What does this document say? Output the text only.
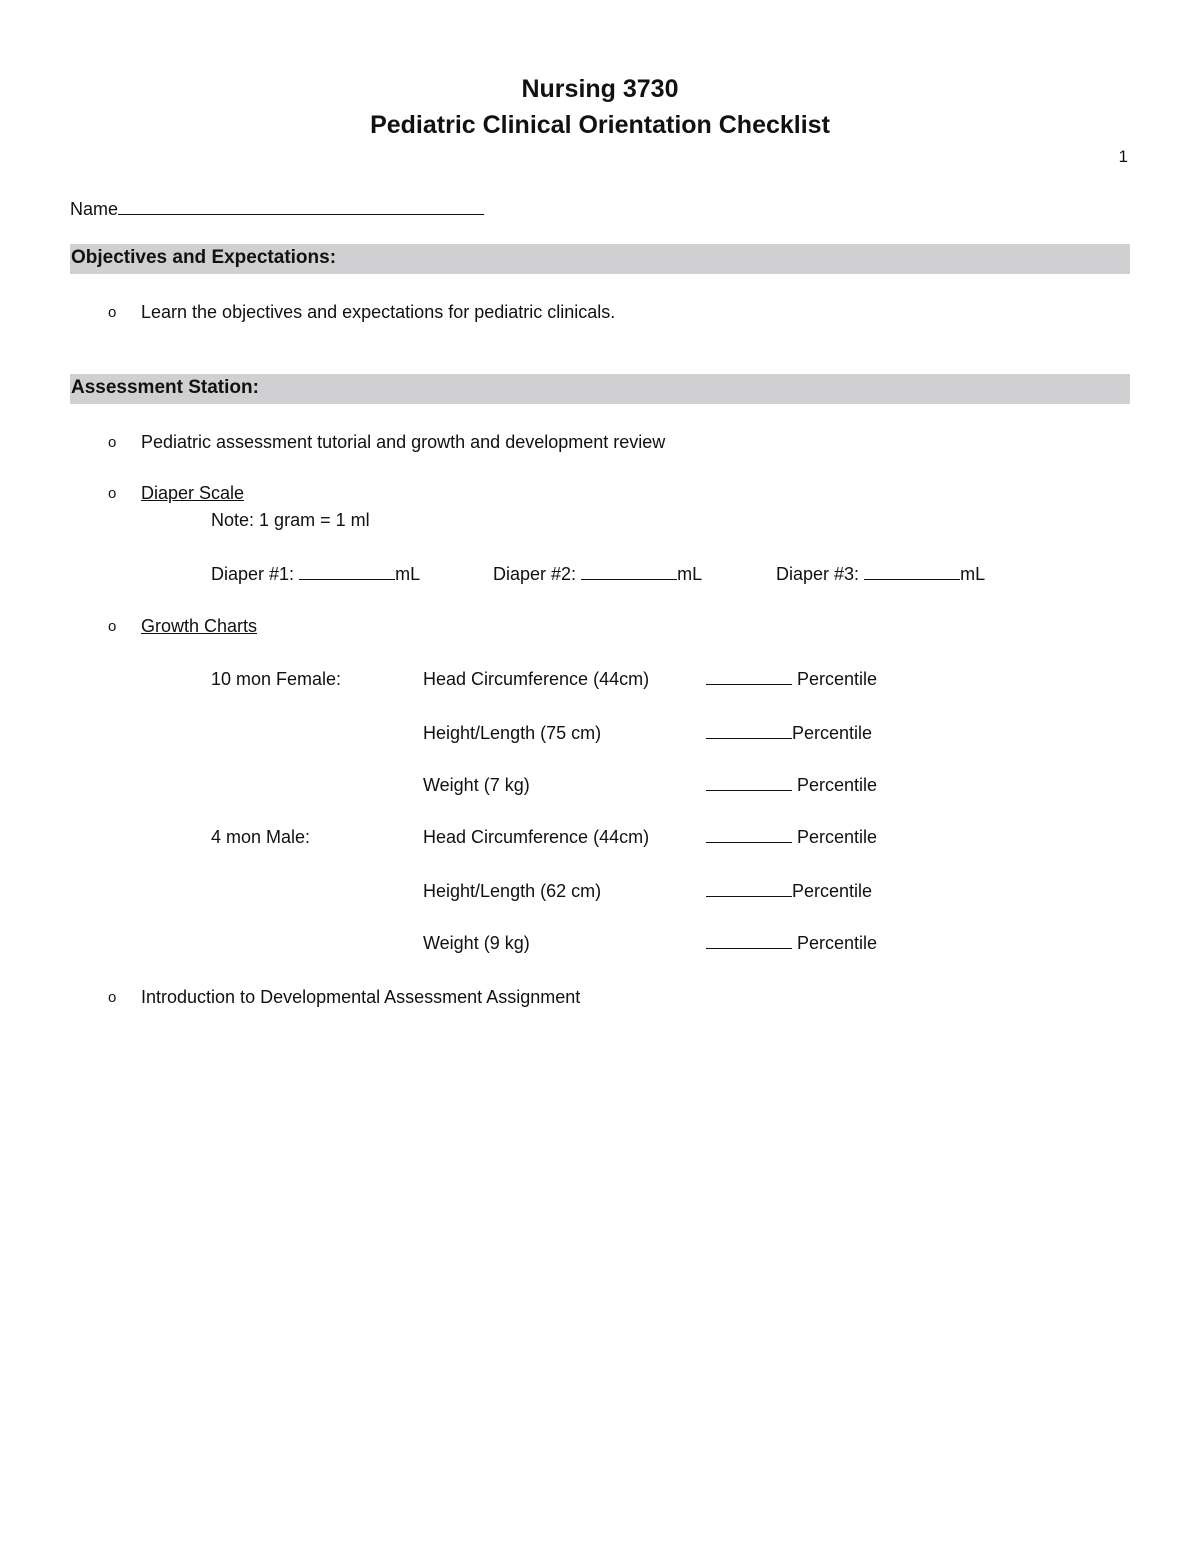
Nursing 3730
Pediatric Clinical Orientation Checklist
1
Name
Objectives and Expectations:
o Learn the objectives and expectations for pediatric clinicals.
Assessment Station:
o Pediatric assessment tutorial and growth and development review
o Diaper Scale
Note: 1 gram = 1 ml
Diaper #1:	mL	Diaper #2:	mL	Diaper #3:	mL
o Growth Charts
10 mon Female:	Head Circumference (44cm)	Percentile
Height/Length (75 cm)	Percentile
Weight (7 kg)	Percentile
4 mon Male:	Head Circumference (44cm)	Percentile
Height/Length (62 cm)	Percentile
Weight (9 kg)	Percentile
o Introduction to Developmental Assessment Assignment
